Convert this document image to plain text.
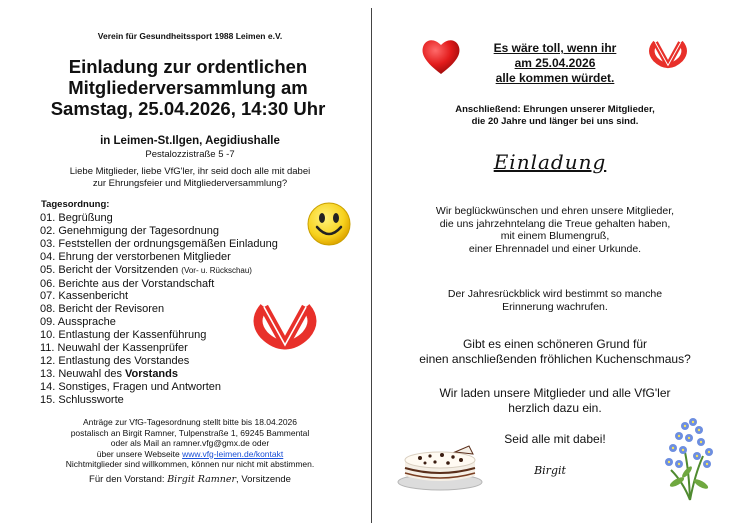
Verein für Gesundheitssport 1988 Leimen e.V.
Einladung zur ordentlichen
Mitgliederversammlung am
Samstag, 25.04.2026, 14:30 Uhr
in Leimen-St.Ilgen, Aegidiushalle
Pestalozzistraße 5 -7
Liebe Mitglieder, liebe VfG'ler, ihr seid doch alle mit dabei
zur Ehrungsfeier und Mitgliederversammlung?
Tagesordnung:
01. Begrüßung
02. Genehmigung der Tagesordnung
03. Feststellen der ordnungsgemäßen Einladung
04. Ehrung der verstorbenen Mitglieder
05. Bericht der Vorsitzenden (Vor- u. Rückschau)
06. Berichte aus der Vorstandschaft
07. Kassenbericht
08. Bericht der Revisoren
09. Aussprache
10. Entlastung der Kassenführung
11. Neuwahl der Kassenprüfer
12. Entlastung des Vorstandes
13. Neuwahl des Vorstands
14. Sonstiges, Fragen und Antworten
15. Schlussworte
Anträge zur VfG-Tagesordnung stellt bitte bis 18.04.2026
postalisch an Birgit Ramner, Tulpenstraße 1, 69245 Bammental
oder als Mail an ramner.vfg@gmx.de oder
über unsere Webseite www.vfg-leimen.de/kontakt
Nichtmitglieder sind willkommen, können nur nicht mit abstimmen.
Für den Vorstand: Birgit Ramner, Vorsitzende
Es wäre toll, wenn ihr
am 25.04.2026
alle kommen würdet.
Anschließend: Ehrungen unserer Mitglieder,
die 20 Jahre und länger bei uns sind.
Einladung
Wir beglückwünschen und ehren unsere Mitglieder,
die uns jahrzehntelang die Treue gehalten haben,
mit einem Blumengruß,
einer Ehrennadel und einer Urkunde.
Der Jahresrückblick wird bestimmt so manche
Erinnerung wachrufen.
Gibt es einen schöneren Grund für
einen anschließenden fröhlichen Kuchenschmaus?
Wir laden unsere Mitglieder und alle VfG'ler
herzlich dazu ein.
Seid alle mit dabei!
Birgit
